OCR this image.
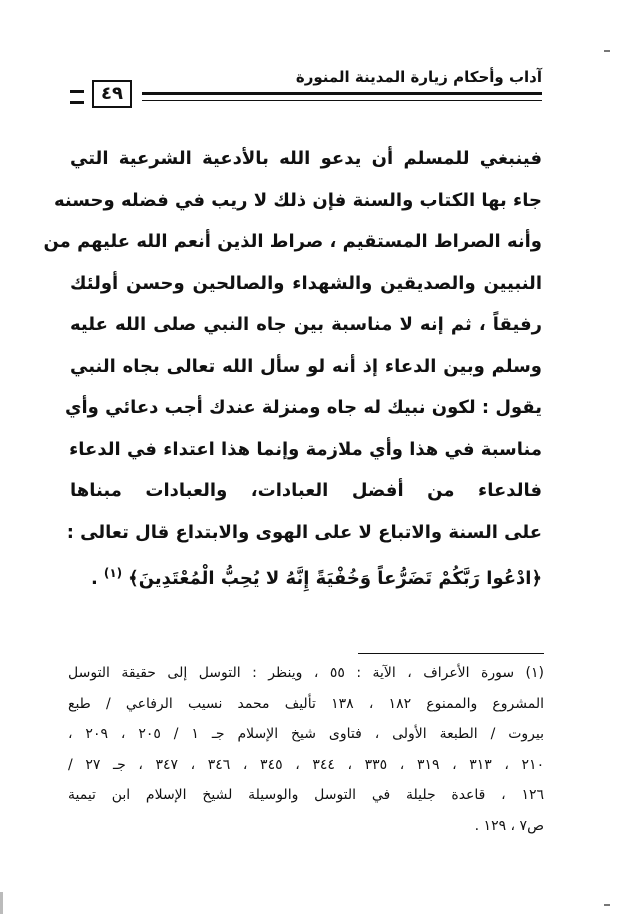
آداب وأحكام زيارة المدينة المنورة
٤٩
فينبغي للمسلم أن يدعو الله بالأدعية الشرعية التي
جاء بها الكتاب والسنة فإن ذلك لا ريب في فضله وحسنه
وأنه الصراط المستقيم ، صراط الذين أنعم الله عليهم من
النبيين والصديقين والشهداء والصالحين وحسن أولئك
رفيقاً ، ثم إنه لا مناسبة بين جاه النبي صلى الله عليه
وسلم وبين الدعاء إذ أنه لو سأل الله تعالى بجاه النبي
يقول : لكون نبيك له جاه ومنزلة عندك أجب دعائي وأي
مناسبة في هذا وأي ملازمة وإنما هذا اعتداء في الدعاء
فالدعاء من أفضل العبادات، والعبادات مبناها
على السنة والاتباع لا على الهوى والابتداع قال تعالى :
﴿ادْعُوا رَبَّكُمْ تَضَرُّعاً وَخُفْيَةً إِنَّهُ لا يُحِبُّ الْمُعْتَدِينَ﴾$^{(١)}$.
(١) سورة الأعراف ، الآية : ٥٥ ، وينظر : التوسل إلى حقيقة التوسل
المشروع والممنوع ١٨٢ ، ١٣٨ تأليف محمد نسيب الرفاعي / طبع
بيروت / الطبعة الأولى ، فتاوى شيخ الإسلام جـ ١ / ٢٠٥ ، ٢٠٩ ،
٢١٠ ، ٣١٣ ، ٣١٩ ، ٣٣٥ ، ٣٤٤ ، ٣٤٥ ، ٣٤٦ ، ٣٤٧ ، جـ ٢٧ /
١٢٦ ، قاعدة جليلة في التوسل والوسيلة لشيخ الإسلام ابن تيمية
ص٧ ، ١٢٩ .
